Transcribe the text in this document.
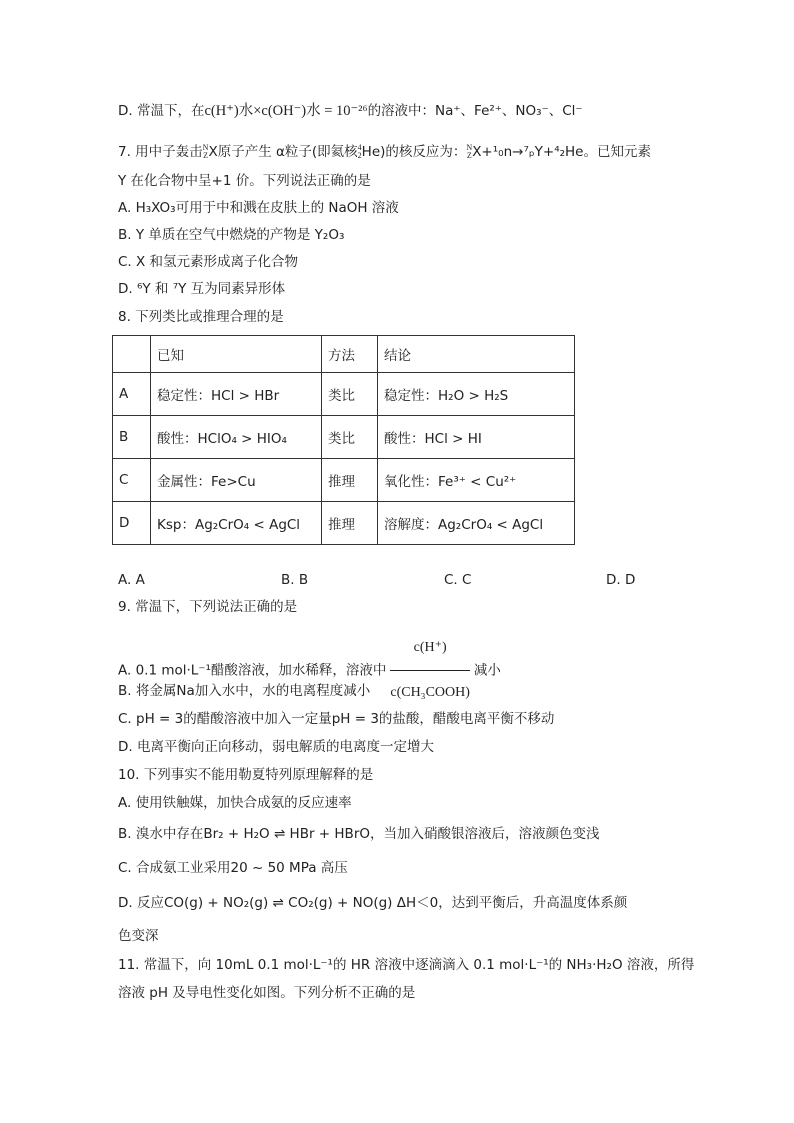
D. 常温下，在c(H⁺)水×c(OH⁻)水 = 10⁻²⁶的溶液中：Na⁺、Fe²⁺、NO₃⁻、Cl⁻
7. 用中子轰击N
ZX原子产生 α粒子(即氦核4
2He)的核反应为：N
ZX+¹₀n→⁷ₚY+⁴₂He。已知元素
Y 在化合物中呈+1 价。下列说法正确的是
A. H₃XO₃可用于中和溅在皮肤上的 NaOH 溶液
B. Y 单质在空气中燃烧的产物是 Y₂O₃
C. X 和氢元素形成离子化合物
D. ⁶Y 和 ⁷Y 互为同素异形体
8. 下列类比或推理合理的是
	已知	方法	结论
A	稳定性：HCl > HBr	类比	稳定性：H₂O > H₂S
B	酸性：HClO₄ > HIO₄	类比	酸性：HCl > HI
C	金属性：Fe>Cu	推理	氧化性：Fe³⁺ < Cu²⁺
D	Ksp：Ag₂CrO₄ < AgCl	推理	溶解度：Ag₂CrO₄ < AgCl
A. A	B. B	C. C	D. D
9. 常温下，下列说法正确的是
A. 0.1 mol·L⁻¹醋酸溶液，加水稀释，溶液中 $\frac{c(H^+)}{\text{c(CH₃COOH)}}$ 减小
B. 将金属Na加入水中，水的电离程度减小
C. pH = 3的醋酸溶液中加入一定量pH = 3的盐酸，醋酸电离平衡不移动
D. 电离平衡向正向移动，弱电解质的电离度一定增大
10. 下列事实不能用勒夏特列原理解释的是
A. 使用铁触媒，加快合成氨的反应速率
B. 溴水中存在Br₂ + H₂O ⇌ HBr + HBrO，当加入硝酸银溶液后，溶液颜色变浅
C. 合成氨工业采用20 ~ 50 MPa 高压
D. 反应CO(g) + NO₂(g) ⇌ CO₂(g) + NO(g) ΔH＜0，达到平衡后，升高温度体系颜
色变深
11. 常温下，向 10mL 0.1 mol·L⁻¹的 HR 溶液中逐滴滴入 0.1 mol·L⁻¹的 NH₃·H₂O 溶液，所得
溶液 pH 及导电性变化如图。下列分析不正确的是
